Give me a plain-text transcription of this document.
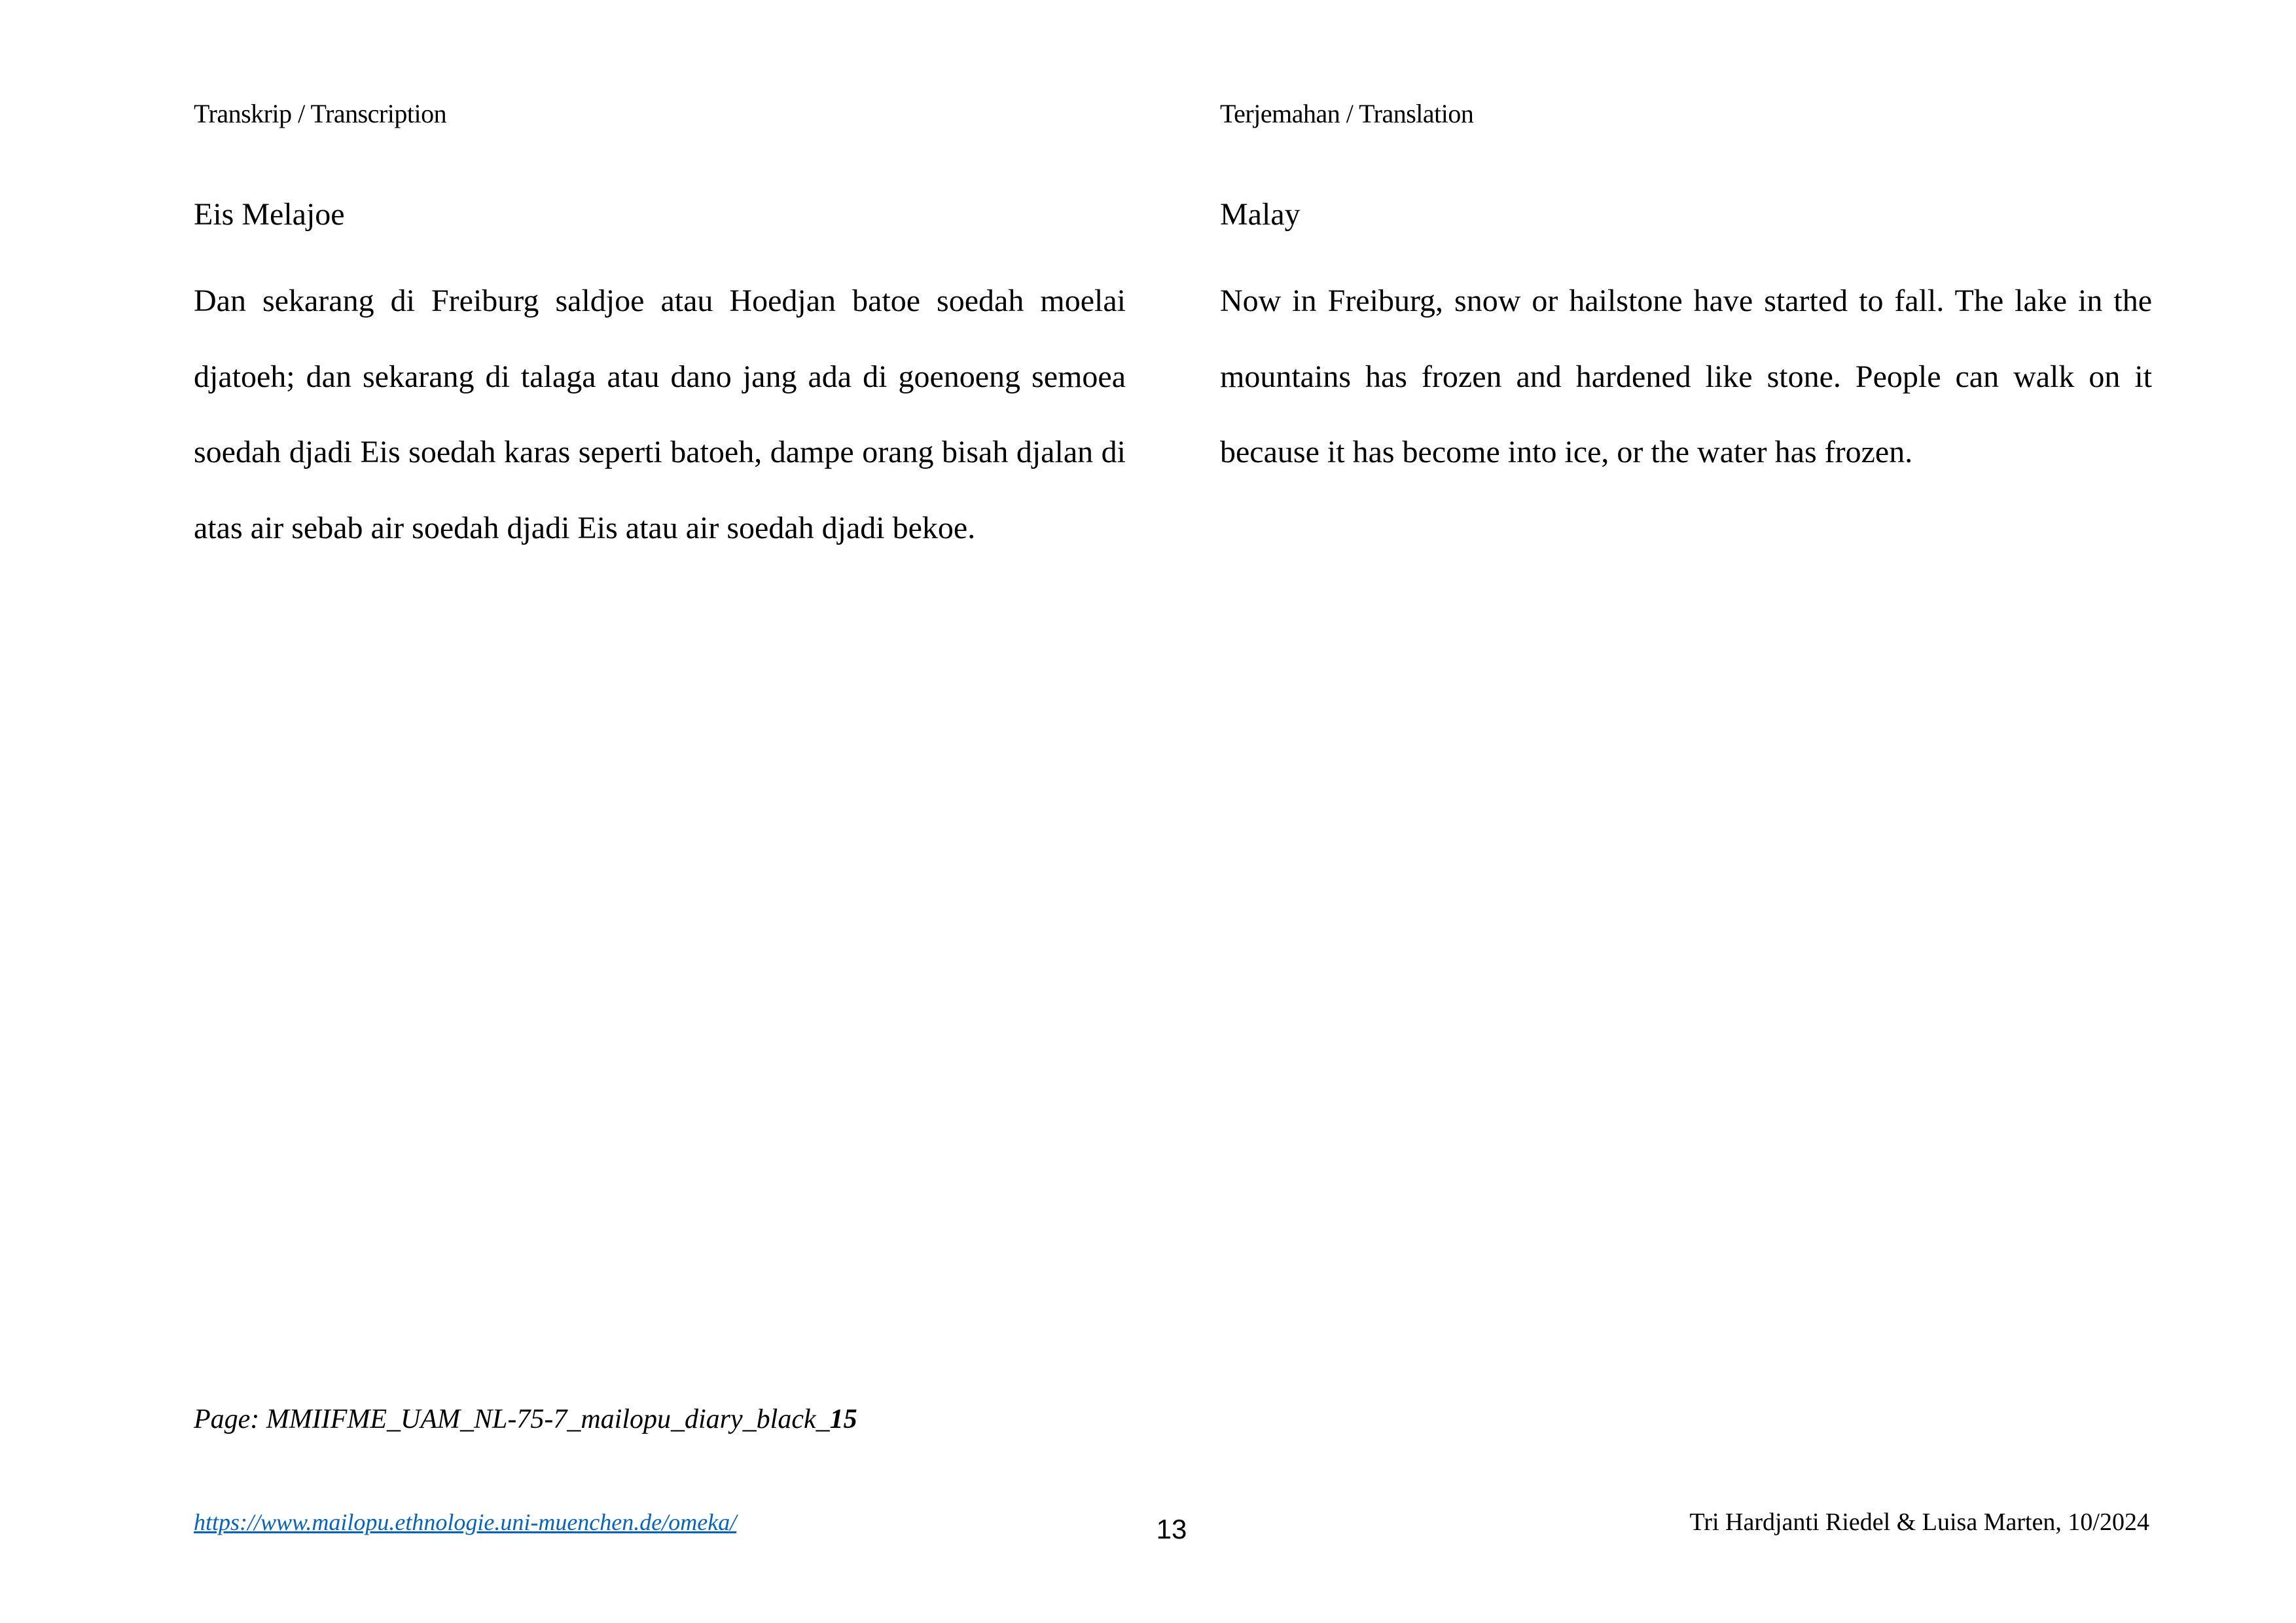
Transkrip / Transcription
Eis Melajoe

Dan sekarang di Freiburg saldjoe atau Hoedjan batoe soedah moelai djatoeh; dan sekarang di talaga atau dano jang ada di goenoeng semoea soedah djadi Eis soedah karas seperti batoeh, dampe orang bisah djalan di atas air sebab air soedah djadi Eis atau air soedah djadi bekoe.

Terjemahan / Translation
Malay

Now in Freiburg, snow or hailstone have started to fall. The lake in the mountains has frozen and hardened like stone. People can walk on it because it has become into ice, or the water has frozen.

Page: MMIIFME_UAM_NL-75-7_mailopu_diary_black_15
https://www.mailopu.ethnologie.uni-muenchen.de/omeka/	13	Tri Hardjanti Riedel & Luisa Marten, 10/2024
